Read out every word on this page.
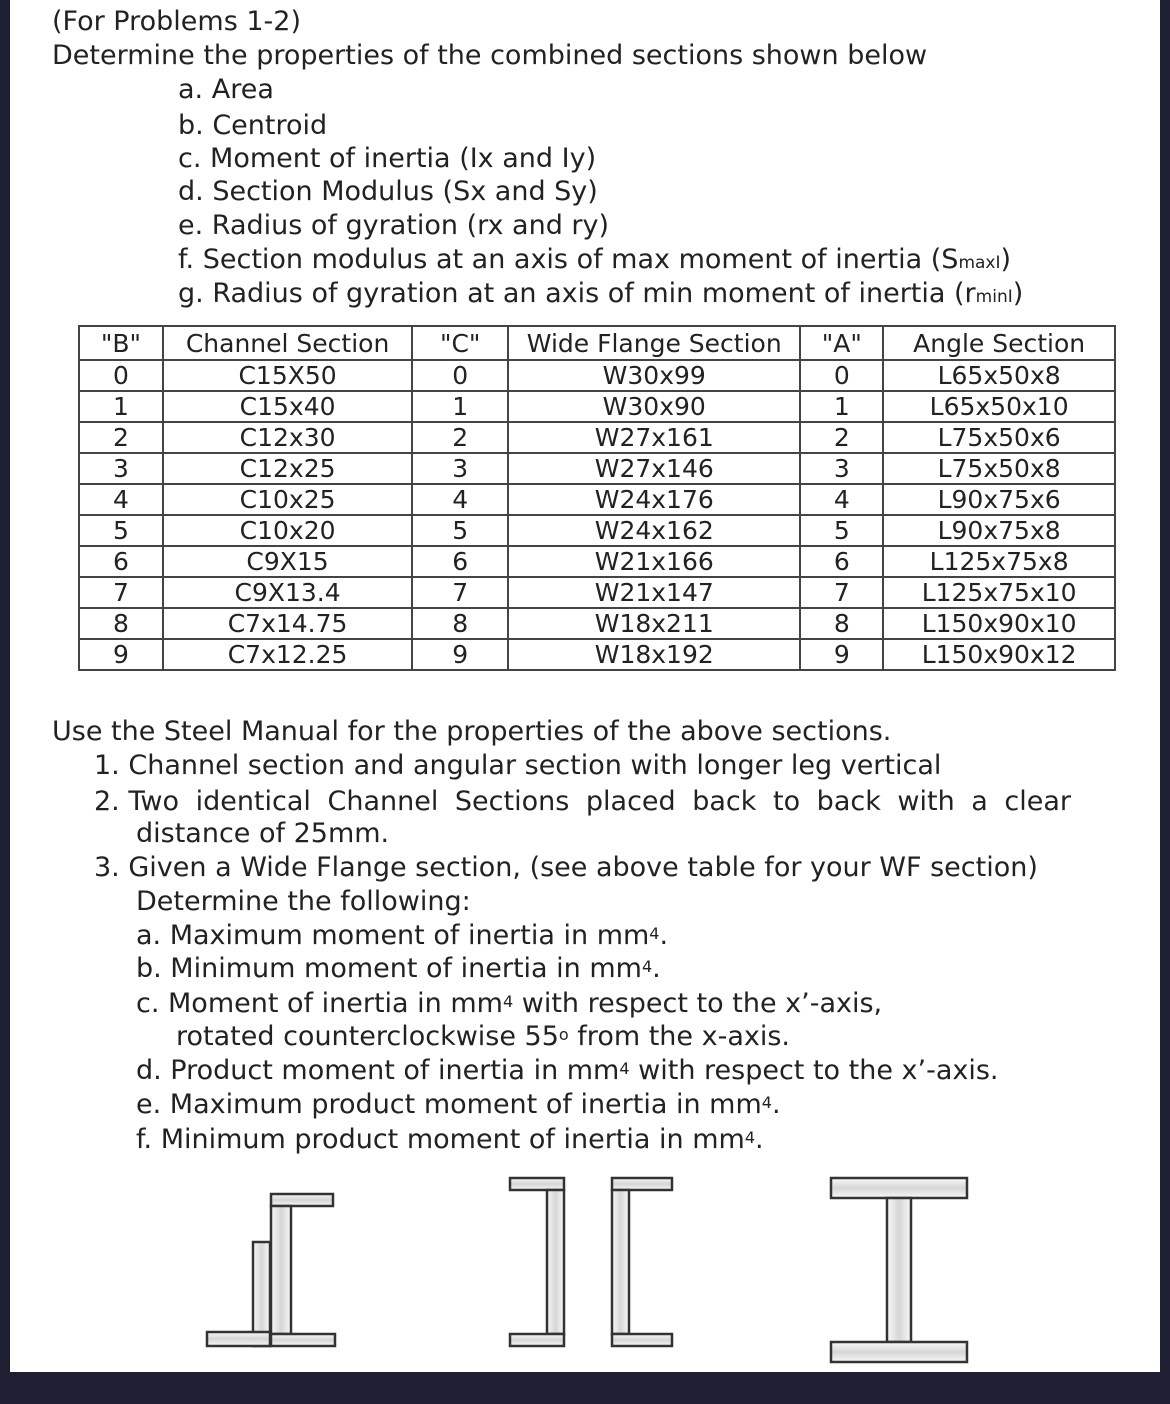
(For Problems 1-2)
Determine the properties of the combined sections shown below
a. Area
b. Centroid
c. Moment of inertia (Ix and Iy)
d. Section Modulus (Sx and Sy)
e. Radius of gyration (rx and ry)
f. Section modulus at an axis of max moment of inertia (SmaxI)
g. Radius of gyration at an axis of min moment of inertia (rminI)
"B"	Channel Section	"C"	Wide Flange Section	"A"	Angle Section
0	C15X50	0	W30x99	0	L65x50x8
1	C15x40	1	W30x90	1	L65x50x10
2	C12x30	2	W27x161	2	L75x50x6
3	C12x25	3	W27x146	3	L75x50x8
4	C10x25	4	W24x176	4	L90x75x6
5	C10x20	5	W24x162	5	L90x75x8
6	C9X15	6	W21x166	6	L125x75x8
7	C9X13.4	7	W21x147	7	L125x75x10
8	C7x14.75	8	W18x211	8	L150x90x10
9	C7x12.25	9	W18x192	9	L150x90x12
Use the Steel Manual for the properties of the above sections.
1. Channel section and angular section with longer leg vertical
2. Two identical Channel Sections placed back to back with a clear
distance of 25mm.
3. Given a Wide Flange section, (see above table for your WF section)
Determine the following:
a. Maximum moment of inertia in $mm^4$.
b. Minimum moment of inertia in $mm^4$.
c. Moment of inertia in $mm^4$ with respect to the x’-axis,
rotated counterclockwise 55$^o$ from the x-axis.
d. Product moment of inertia in $mm^4$ with respect to the x’-axis.
e. Maximum product moment of inertia in $mm^4$.
f. Minimum product moment of inertia in $mm^4$.
